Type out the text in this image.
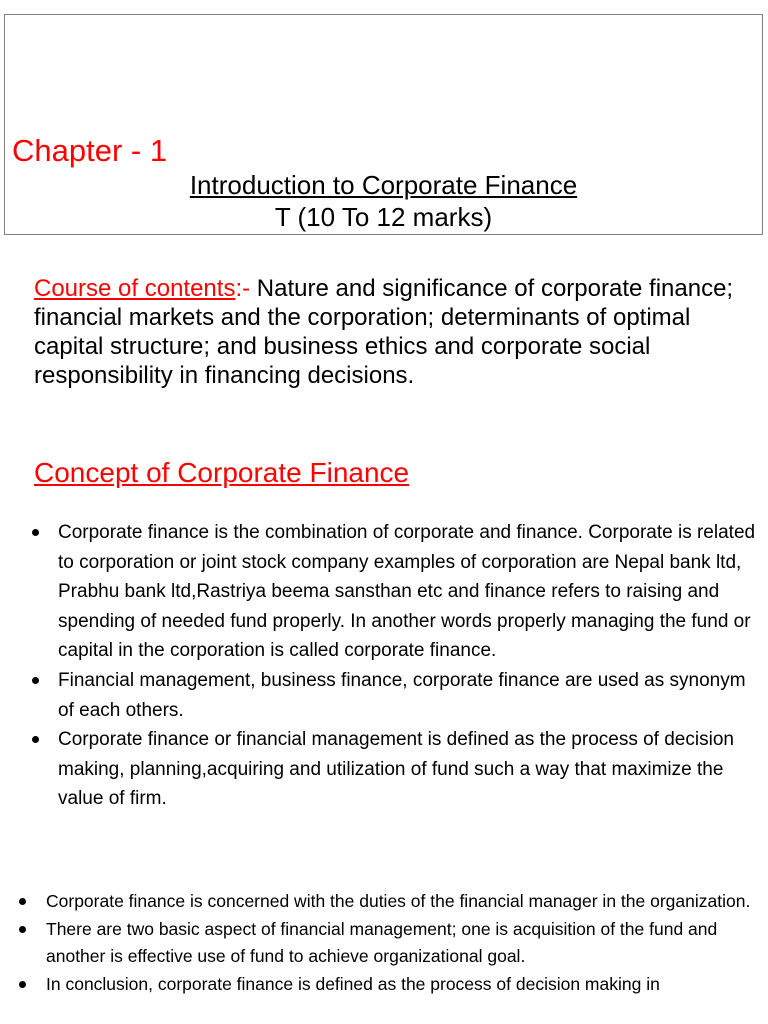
Chapter - 1
Introduction to Corporate Finance
T (10 To 12 marks)
Course of contents:- Nature and significance of corporate finance; financial markets and the corporation; determinants of optimal capital structure; and business ethics and corporate social responsibility in financing decisions.
Concept of Corporate Finance
Corporate finance is the combination of corporate and finance. Corporate is related to corporation or joint stock company examples of corporation are Nepal bank ltd, Prabhu bank ltd,Rastriya beema sansthan etc and finance refers to raising and spending of needed fund properly. In another words properly managing the fund or capital in the corporation is called corporate finance.
Financial management, business finance, corporate finance are used as synonym of each others.
Corporate finance or financial management is defined as the process of decision making, planning,acquiring and utilization of fund such a way that maximize the value of firm.
Corporate finance is concerned with the duties of the financial manager in the organization.
There are two basic aspect of financial management; one is acquisition of the fund and another is effective use of fund to achieve organizational goal.
In conclusion, corporate finance is defined as the process of decision making in
